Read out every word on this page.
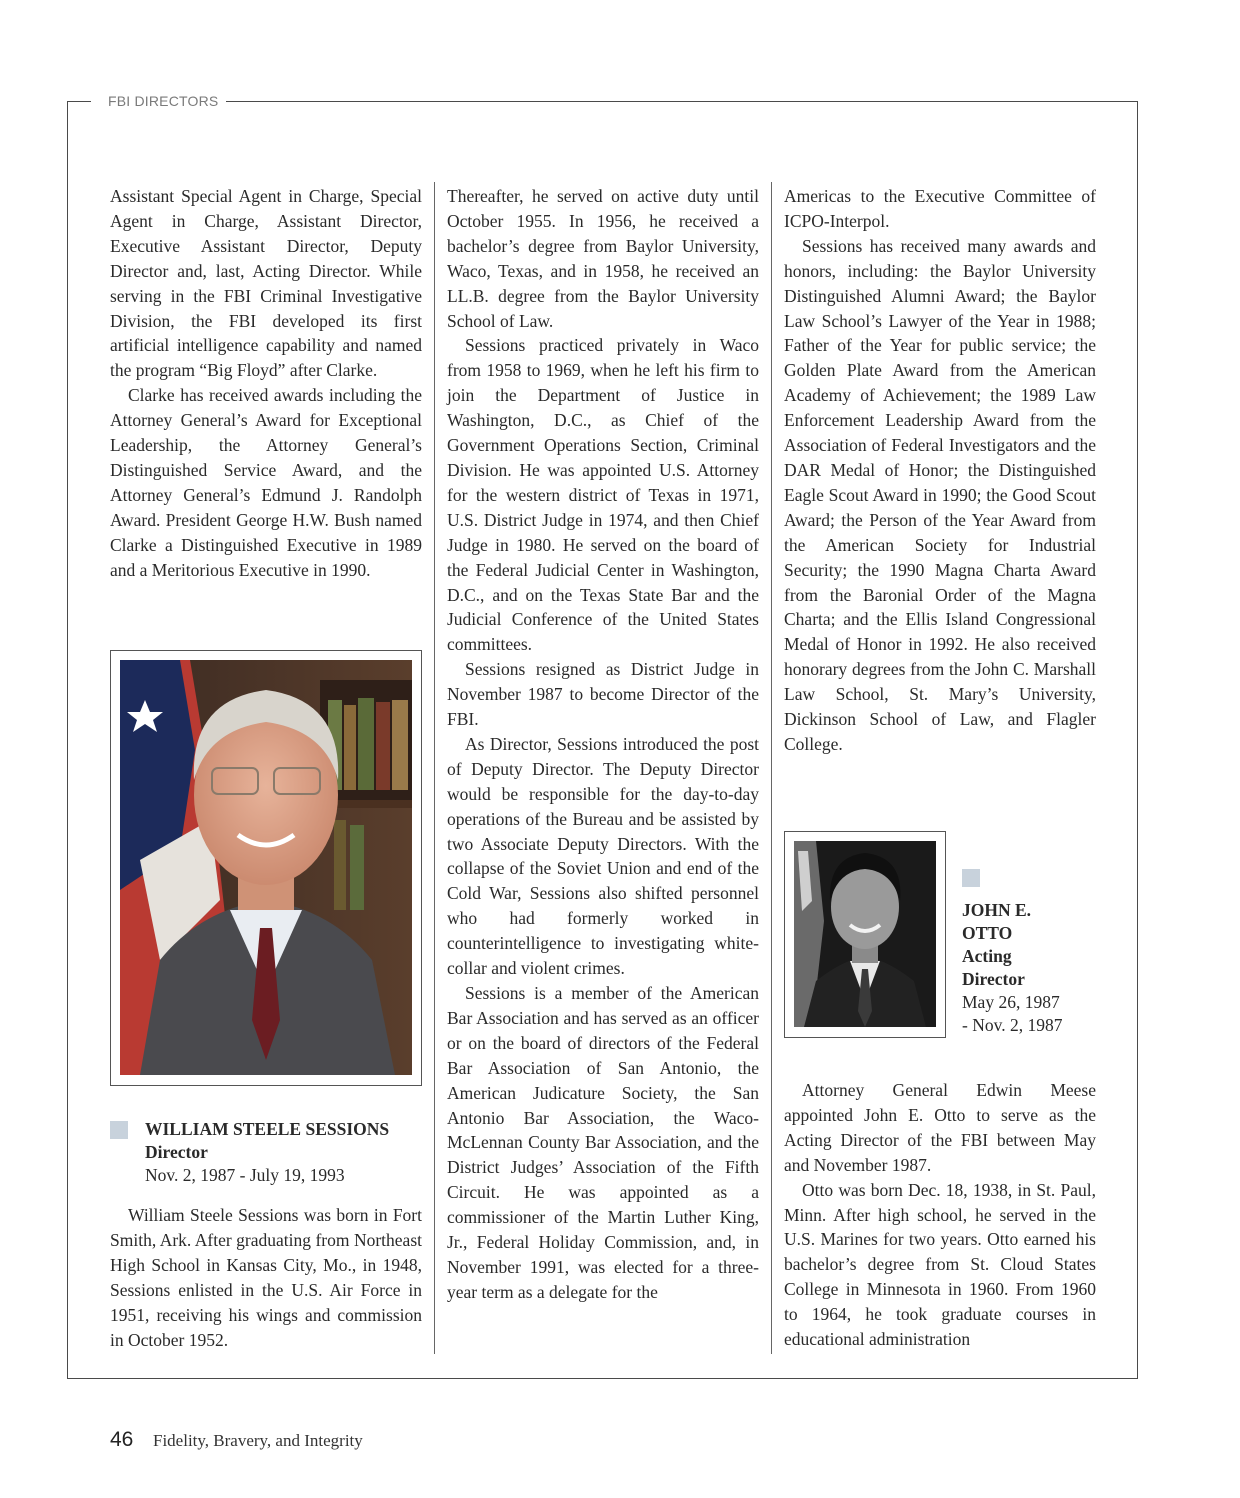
FBI DIRECTORS

Assistant Special Agent in Charge, Special Agent in Charge, Assistant Director, Executive Assistant Director, Deputy Director and, last, Acting Director. While serving in the FBI Criminal Investigative Division, the FBI developed its first artificial intelligence capability and named the program “Big Floyd” after Clarke.

Clarke has received awards including the Attorney General’s Award for Exceptional Leadership, the Attorney General’s Distinguished Service Award, and the Attorney General’s Edmund J. Randolph Award. President George H.W. Bush named Clarke a Distinguished Executive in 1989 and a Meritorious Executive in 1990.

WILLIAM STEELE SESSIONS
Director
Nov. 2, 1987 - July 19, 1993

William Steele Sessions was born in Fort Smith, Ark. After graduating from Northeast High School in Kansas City, Mo., in 1948, Sessions enlisted in the U.S. Air Force in 1951, receiving his wings and commission in October 1952.

Thereafter, he served on active duty until October 1955. In 1956, he received a bachelor’s degree from Baylor University, Waco, Texas, and in 1958, he received an LL.B. degree from the Baylor University School of Law.

Sessions practiced privately in Waco from 1958 to 1969, when he left his firm to join the Department of Justice in Washington, D.C., as Chief of the Government Operations Section, Criminal Division. He was appointed U.S. Attorney for the western district of Texas in 1971, U.S. District Judge in 1974, and then Chief Judge in 1980. He served on the board of the Federal Judicial Center in Washington, D.C., and on the Texas State Bar and the Judicial Conference of the United States committees.

Sessions resigned as District Judge in November 1987 to become Director of the FBI.

As Director, Sessions introduced the post of Deputy Director. The Deputy Director would be responsible for the day-to-day operations of the Bureau and be assisted by two Associate Deputy Directors. With the collapse of the Soviet Union and end of the Cold War, Sessions also shifted personnel who had formerly worked in counterintelligence to investigating white-collar and violent crimes.

Sessions is a member of the American Bar Association and has served as an officer or on the board of directors of the Federal Bar Association of San Antonio, the American Judicature Society, the San Antonio Bar Association, the Waco-McLennan County Bar Association, and the District Judges’ Association of the Fifth Circuit. He was appointed as a commissioner of the Martin Luther King, Jr., Federal Holiday Commission, and, in November 1991, was elected for a three-year term as a delegate for the

Americas to the Executive Committee of ICPO-Interpol.

Sessions has received many awards and honors, including: the Baylor University Distinguished Alumni Award; the Baylor Law School’s Lawyer of the Year in 1988; Father of the Year for public service; the Golden Plate Award from the American Academy of Achievement; the 1989 Law Enforcement Leadership Award from the Association of Federal Investigators and the DAR Medal of Honor; the Distinguished Eagle Scout Award in 1990; the Good Scout Award; the Person of the Year Award from the American Society for Industrial Security; the 1990 Magna Charta Award from the Baronial Order of the Magna Charta; and the Ellis Island Congressional Medal of Honor in 1992. He also received honorary degrees from the John C. Marshall Law School, St. Mary’s University, Dickinson School of Law, and Flagler College.

JOHN E.
OTTO
Acting
Director
May 26, 1987
- Nov. 2, 1987

Attorney General Edwin Meese appointed John E. Otto to serve as the Acting Director of the FBI between May and November 1987.

Otto was born Dec. 18, 1938, in St. Paul, Minn. After high school, he served in the U.S. Marines for two years. Otto earned his bachelor’s degree from St. Cloud States College in Minnesota in 1960. From 1960 to 1964, he took graduate courses in educational administration

46 Fidelity, Bravery, and Integrity
